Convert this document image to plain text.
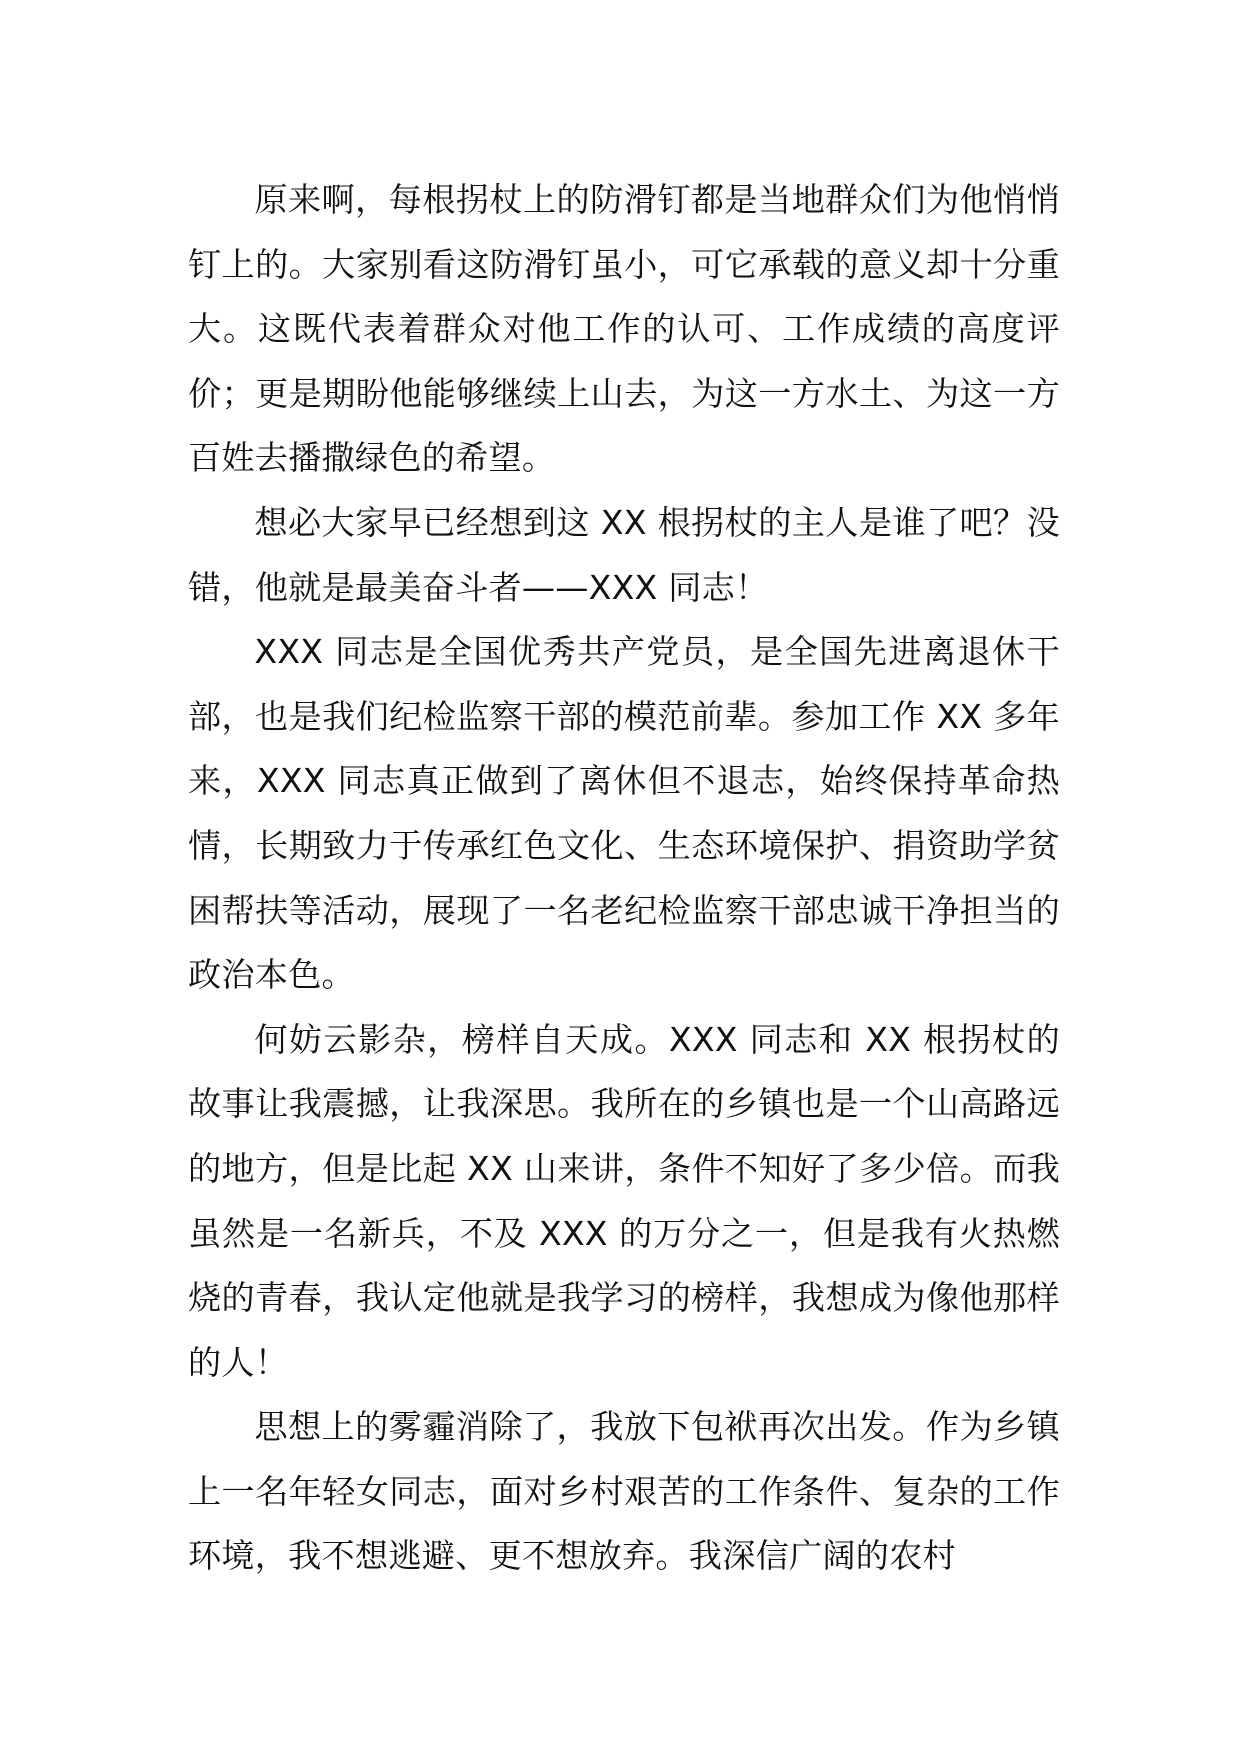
原来啊，每根拐杖上的防滑钉都是当地群众们为他悄悄钉上的。大家别看这防滑钉虽小，可它承载的意义却十分重大。这既代表着群众对他工作的认可、工作成绩的高度评价；更是期盼他能够继续上山去，为这一方水土、为这一方百姓去播撒绿色的希望。

想必大家早已经想到这 XX 根拐杖的主人是谁了吧？没错，他就是最美奋斗者——XXX 同志！

XXX 同志是全国优秀共产党员，是全国先进离退休干部，也是我们纪检监察干部的模范前辈。参加工作 XX 多年来，XXX 同志真正做到了离休但不退志，始终保持革命热情，长期致力于传承红色文化、生态环境保护、捐资助学贫困帮扶等活动，展现了一名老纪检监察干部忠诚干净担当的政治本色。

何妨云影杂，榜样自天成。XXX 同志和 XX 根拐杖的故事让我震撼，让我深思。我所在的乡镇也是一个山高路远的地方，但是比起 XX 山来讲，条件不知好了多少倍。而我虽然是一名新兵，不及 XXX 的万分之一，但是我有火热燃烧的青春，我认定他就是我学习的榜样，我想成为像他那样的人！

思想上的雾霾消除了，我放下包袱再次出发。作为乡镇上一名年轻女同志，面对乡村艰苦的工作条件、复杂的工作环境，我不想逃避、更不想放弃。我深信广阔的农村
